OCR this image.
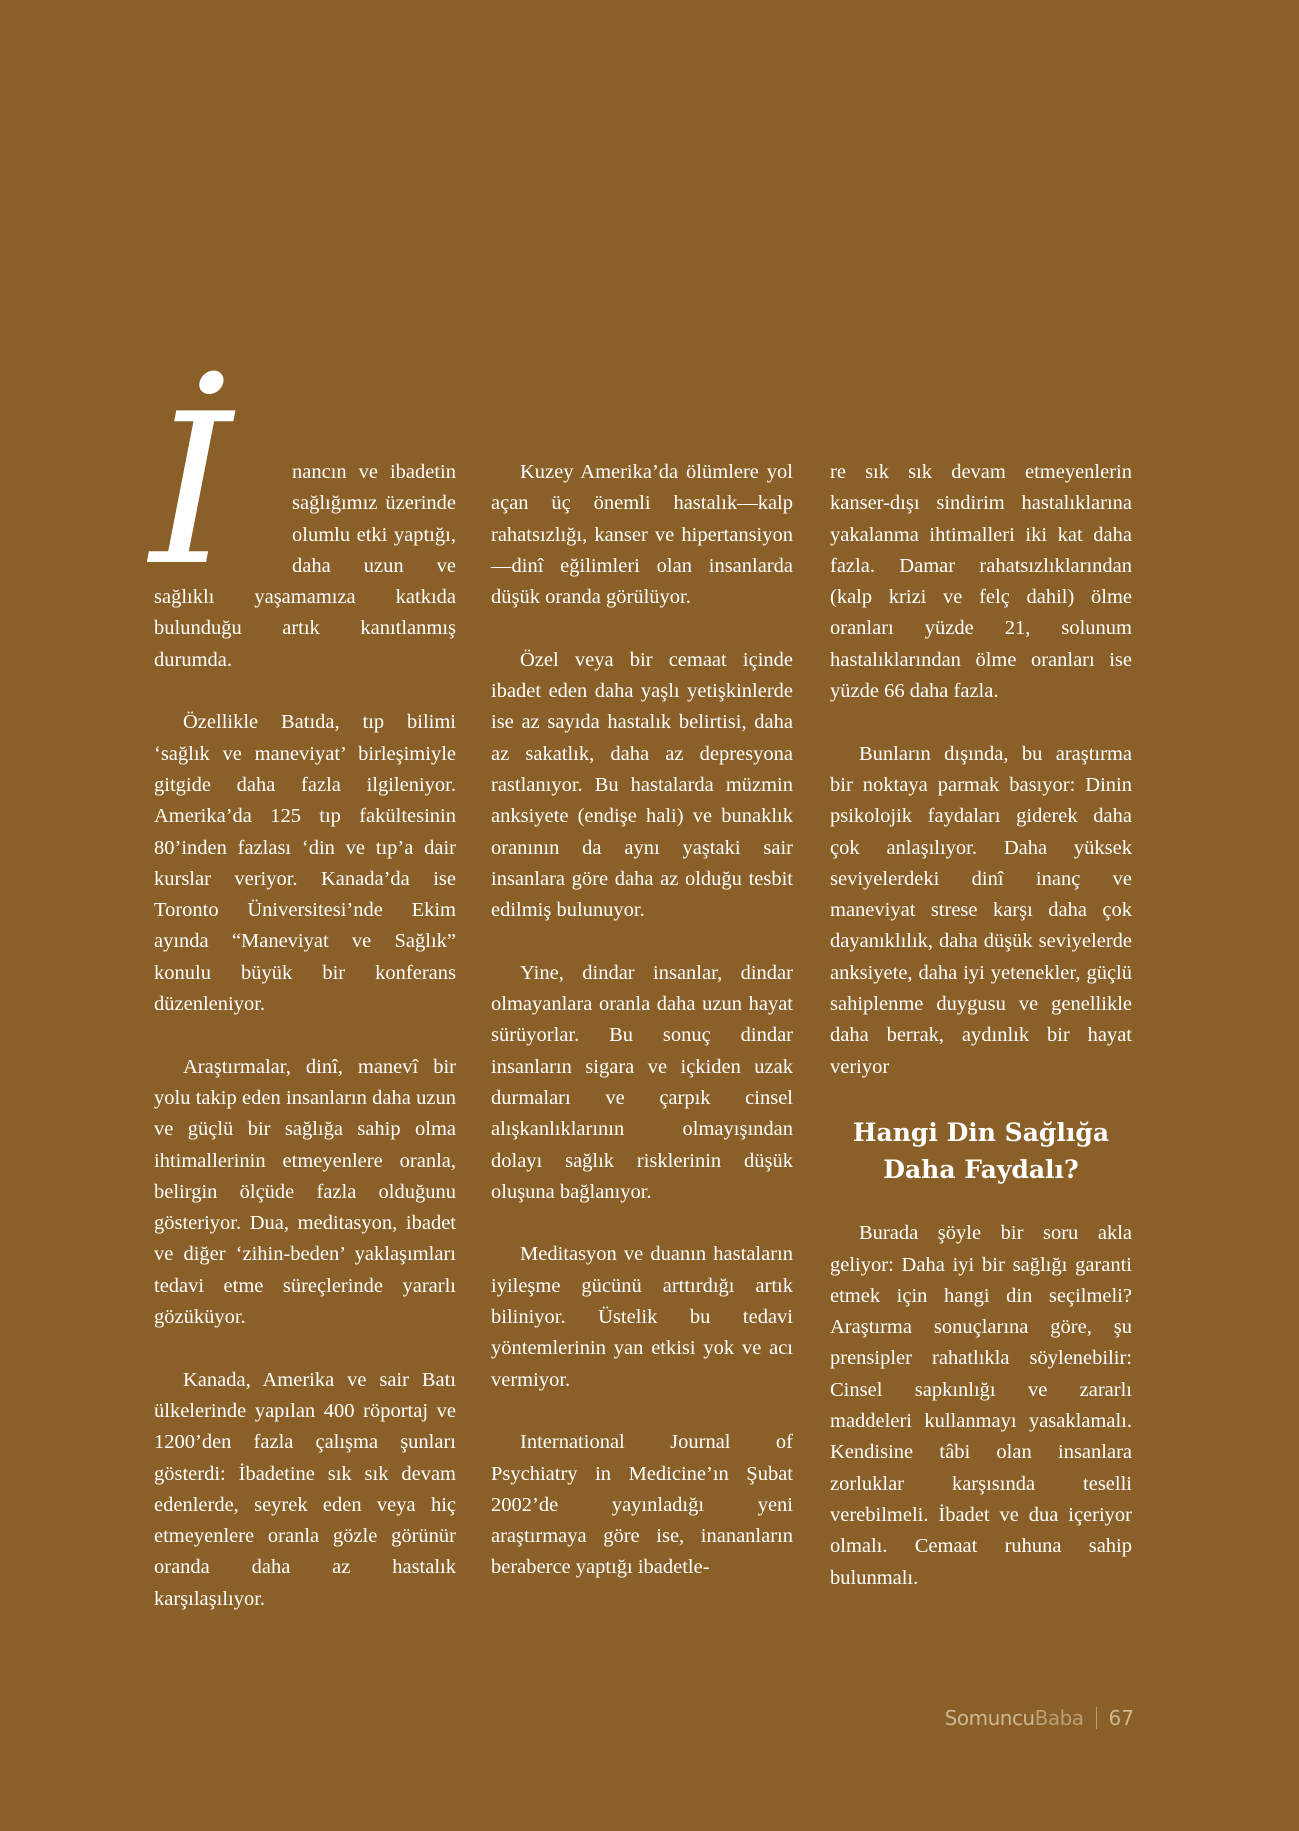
İ	nancın ve ibadetin sağlığımız üzerinde olumlu etki yaptığı, daha uzun ve sağlıklı yaşamamıza katkıda bulunduğu artık kanıtlanmış durumda.

Özellikle Batıda, tıp bilimi ‘sağlık ve maneviyat’ birleşimiyle gitgide daha fazla ilgileniyor. Amerika’da 125 tıp fakültesinin 80’inden fazlası ‘din ve tıp’a dair kurslar veriyor. Kanada’da ise Toronto Üniversitesi’nde Ekim ayında “Maneviyat ve Sağlık” konulu büyük bir konferans düzenleniyor.

Araştırmalar, dinî, manevî bir yolu takip eden insanların daha uzun ve güçlü bir sağlığa sahip olma ihtimallerinin etmeyenlere oranla, belirgin ölçüde fazla olduğunu gösteriyor. Dua, meditasyon, ibadet ve diğer ‘zihin-beden’ yaklaşımları tedavi etme süreçlerinde yararlı gözüküyor.

Kanada, Amerika ve sair Batı ülkelerinde yapılan 400 röportaj ve 1200’den fazla çalışma şunları gösterdi: İbadetine sık sık devam edenlerde, seyrek eden veya hiç etmeyenlere oranla gözle görünür oranda daha az hastalık karşılaşılıyor.

Kuzey Amerika’da ölümlere yol açan üç önemli hastalık—kalp rahatsızlığı, kanser ve hipertansiyon—dinî eğilimleri olan insanlarda düşük oranda görülüyor.

Özel veya bir cemaat içinde ibadet eden daha yaşlı yetişkinlerde ise az sayıda hastalık belirtisi, daha az sakatlık, daha az depresyona rastlanıyor. Bu hastalarda müzmin anksiyete (endişe hali) ve bunaklık oranının da aynı yaştaki sair insanlara göre daha az olduğu tesbit edilmiş bulunuyor.

Yine, dindar insanlar, dindar olmayanlara oranla daha uzun hayat sürüyorlar. Bu sonuç dindar insanların sigara ve içkiden uzak durmaları ve çarpık cinsel alışkanlıklarının olmayışından dolayı sağlık risklerinin düşük oluşuna bağlanıyor.

Meditasyon ve duanın hastaların iyileşme gücünü arttırdığı artık biliniyor. Üstelik bu tedavi yöntemlerinin yan etkisi yok ve acı vermiyor.

International Journal of Psychiatry in Medicine’ın Şubat 2002’de yayınladığı yeni araştırmaya göre ise, inananların beraberce yaptığı ibadetle-

re sık sık devam etmeyenlerin kanser-dışı sindirim hastalıklarına yakalanma ihtimalleri iki kat daha fazla. Damar rahatsızlıklarından (kalp krizi ve felç dahil) ölme oranları yüzde 21, solunum hastalıklarından ölme oranları ise yüzde 66 daha fazla.

Bunların dışında, bu araştırma bir noktaya parmak basıyor: Dinin psikolojik faydaları giderek daha çok anlaşılıyor. Daha yüksek seviyelerdeki dinî inanç ve maneviyat strese karşı daha çok dayanıklılık, daha düşük seviyelerde anksiyete, daha iyi yetenekler, güçlü sahiplenme duygusu ve genellikle daha berrak, aydınlık bir hayat veriyor

Hangi Din Sağlığa
Daha Faydalı?

Burada şöyle bir soru akla geliyor: Daha iyi bir sağlığı garanti etmek için hangi din seçilmeli? Araştırma sonuçlarına göre, şu prensipler rahatlıkla söylenebilir: Cinsel sapkınlığı ve zararlı maddeleri kullanmayı yasaklamalı. Kendisine tâbi olan insanlara zorluklar karşısında teselli verebilmeli. İbadet ve dua içeriyor olmalı. Cemaat ruhuna sahip bulunmalı.

SomuncuBaba 67
